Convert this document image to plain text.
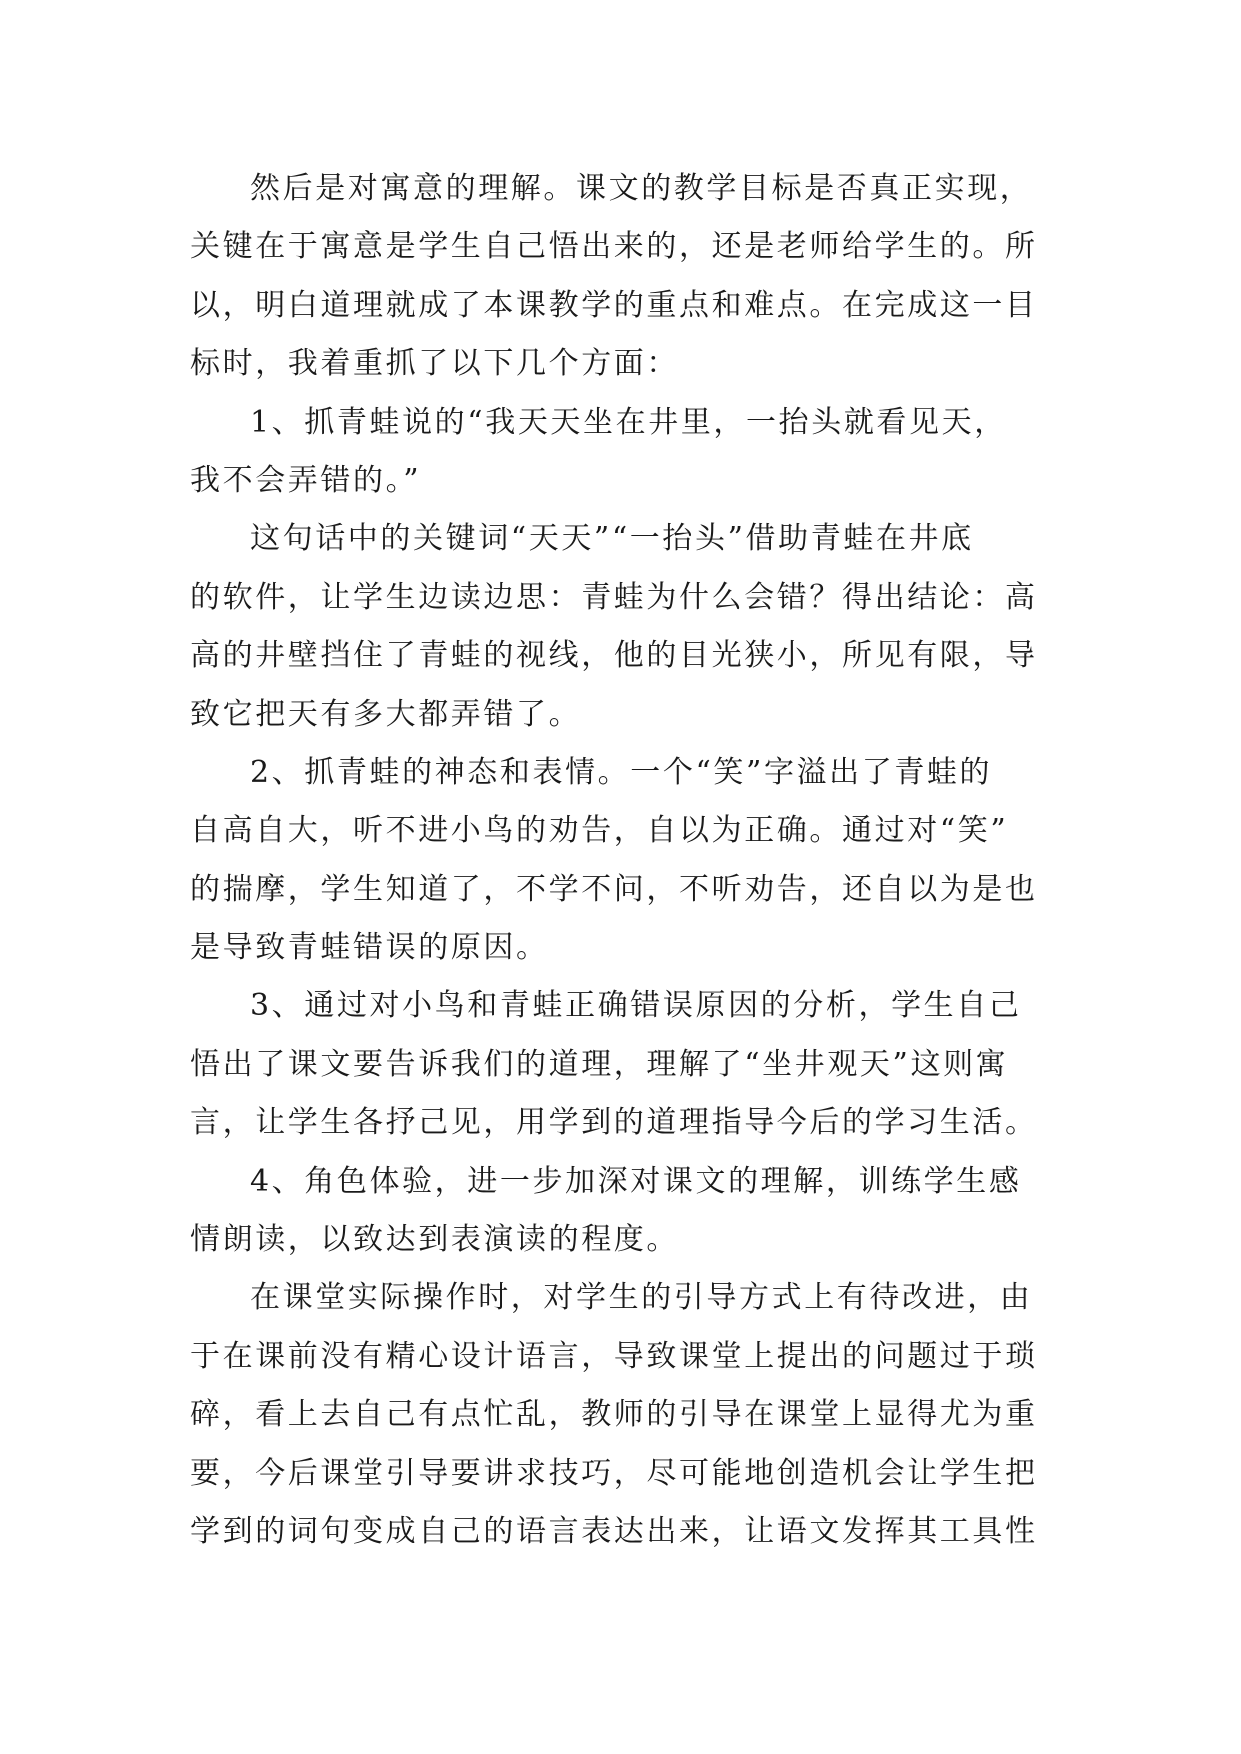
然后是对寓意的理解。课文的教学目标是否真正实现，
关键在于寓意是学生自己悟出来的，还是老师给学生的。所
以，明白道理就成了本课教学的重点和难点。在完成这一目
标时，我着重抓了以下几个方面：
1、抓青蛙说的“我天天坐在井里，一抬头就看见天，
我不会弄错的。”
这句话中的关键词“天天”“一抬头”借助青蛙在井底
的软件，让学生边读边思：青蛙为什么会错？得出结论：高
高的井壁挡住了青蛙的视线，他的目光狭小，所见有限，导
致它把天有多大都弄错了。
2、抓青蛙的神态和表情。一个“笑”字溢出了青蛙的
自高自大，听不进小鸟的劝告，自以为正确。通过对“笑”
的揣摩，学生知道了，不学不问，不听劝告，还自以为是也
是导致青蛙错误的原因。
3、通过对小鸟和青蛙正确错误原因的分析，学生自己
悟出了课文要告诉我们的道理，理解了“坐井观天”这则寓
言，让学生各抒己见，用学到的道理指导今后的学习生活。
4、角色体验，进一步加深对课文的理解，训练学生感
情朗读，以致达到表演读的程度。
在课堂实际操作时，对学生的引导方式上有待改进，由
于在课前没有精心设计语言，导致课堂上提出的问题过于琐
碎，看上去自己有点忙乱，教师的引导在课堂上显得尤为重
要，今后课堂引导要讲求技巧，尽可能地创造机会让学生把
学到的词句变成自己的语言表达出来，让语文发挥其工具性
